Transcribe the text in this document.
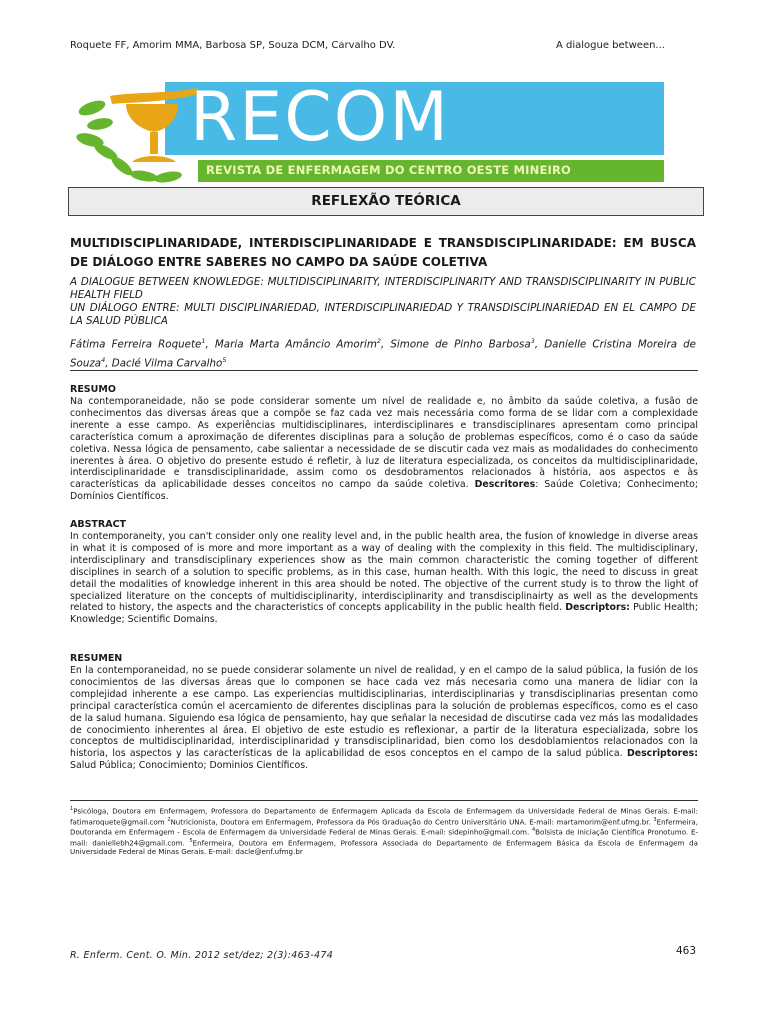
Roquete FF, Amorim MMA, Barbosa SP, Souza DCM, Carvalho DV.	A dialogue between...
RECOM
REVISTA DE ENFERMAGEM DO CENTRO OESTE MINEIRO
REFLEXÃO TEÓRICA
MULTIDISCIPLINARIDADE, INTERDISCIPLINARIDADE E TRANSDISCIPLINARIDADE: EM BUSCA DE DIÁLOGO ENTRE SABERES NO CAMPO DA SAÚDE COLETIVA
A DIALOGUE BETWEEN KNOWLEDGE: MULTIDISCIPLINARITY, INTERDISCIPLINARITY AND TRANSDISCIPLINARITY IN PUBLIC HEALTH FIELD
UN DIÁLOGO ENTRE: MULTI DISCIPLINARIEDAD, INTERDISCIPLINARIEDAD Y TRANSDISCIPLINARIEDAD EN EL CAMPO DE LA SALUD PÚBLICA
Fátima Ferreira Roquete$^1$, Maria Marta Amâncio Amorim$^2$, Simone de Pinho Barbosa$^3$, Danielle Cristina Moreira de Souza$^4$, Daclé Vilma Carvalho$^5$
RESUMO
Na contemporaneidade, não se pode considerar somente um nível de realidade e, no âmbito da saúde coletiva, a fusão de conhecimentos das diversas áreas que a compõe se faz cada vez mais necessária como forma de se lidar com a complexidade inerente a esse campo. As experiências multidisciplinares, interdisciplinares e transdisciplinares apresentam como principal característica comum a aproximação de diferentes disciplinas para a solução de problemas específicos, como é o caso da saúde coletiva. Nessa lógica de pensamento, cabe salientar a necessidade de se discutir cada vez mais as modalidades do conhecimento inerentes à área. O objetivo do presente estudo é refletir, à luz de literatura especializada, os conceitos da multidisciplinaridade, interdisciplinaridade e transdisciplinaridade, assim como os desdobramentos relacionados à história, aos aspectos e às características da aplicabilidade desses conceitos no campo da saúde coletiva. Descritores: Saúde Coletiva; Conhecimento; Domínios Científicos.
ABSTRACT
In contemporaneity, you can't consider only one reality level and, in the public health area, the fusion of knowledge in diverse areas in what it is composed of is more and more important as a way of dealing with the complexity in this field. The multidisciplinary, interdisciplinary and transdisciplinary experiences show as the main common characteristic the coming together of different disciplines in search of a solution to specific problems, as in this case, human health. With this logic, the need to discuss in great detail the modalities of knowledge inherent in this area should be noted. The objective of the current study is to throw the light of specialized literature on the concepts of multidisciplinarity, interdisciplinarity and transdisciplinairty as well as the developments related to history, the aspects and the characteristics of concepts applicability in the public health field. Descriptors: Public Health; Knowledge; Scientific Domains.
RESUMEN
En la contemporaneidad, no se puede considerar solamente un nivel de realidad, y en el campo de la salud pública, la fusión de los conocimientos de las diversas áreas que lo componen se hace cada vez más necesaria como una manera de lidiar con la complejidad inherente a ese campo. Las experiencias multidisciplinarias, interdisciplinarias y transdisciplinarias presentan como principal característica común el acercamiento de diferentes disciplinas para la solución de problemas específicos, como es el caso de la salud humana. Siguiendo esa lógica de pensamiento, hay que señalar la necesidad de discutirse cada vez más las modalidades de conocimiento inherentes al área. El objetivo de este estudio es reflexionar, a partir de la literatura especializada, sobre los conceptos de multidisciplinaridad, interdisciplinaridad y transdisciplinaridad, bien como los desdoblamientos relacionados con la historia, los aspectos y las características de la aplicabilidad de esos conceptos en el campo de la salud pública. Descriptores: Salud Pública; Conocimiento; Dominios Científicos.
$^1$Psicóloga, Doutora em Enfermagem, Professora do Departamento de Enfermagem Aplicada da Escola de Enfermagem da Universidade Federal de Minas Gerais. E-mail: fatimaroquete@gmail.com $^2$Nutricionista, Doutora em Enfermagem, Professora da Pós Graduação do Centro Universitário UNA. E-mail: martamorim@enf.ufmg.br. $^3$Enfermeira, Doutoranda em Enfermagem - Escola de Enfermagem da Universidade Federal de Minas Gerais. E-mail: sidepinho@gmail.com. $^4$Bolsista de Iniciação Científica Pronotumo. E-mail: daniellebh24@gmail.com. $^5$Enfermeira, Doutora em Enfermagem, Professora Associada do Departamento de Enfermagem Básica da Escola de Enfermagem da Universidade Federal de Minas Gerais. E-mail: dacle@enf.ufmg.br
463
R. Enferm. Cent. O. Min. 2012 set/dez; 2(3):463-474
